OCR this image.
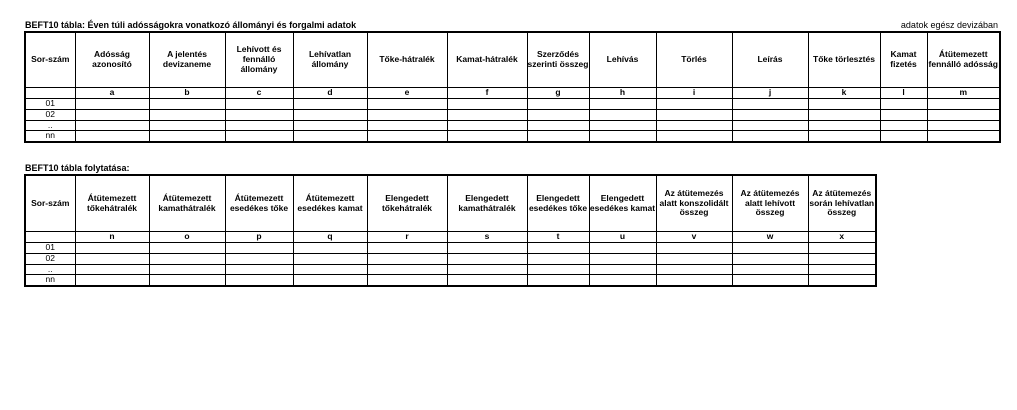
BEFT10 tábla: Éven túli adósságokra vonatkozó állományi és forgalmi adatok	adatok egész devizában
Sor-szám	Adósság azonosító	A jelentés devizaneme	Lehívott és fennálló állomány	Lehívatlan állomány	Tőke-hátralék	Kamat-hátralék	Szerződés szerinti összeg	Lehívás	Törlés	Leírás	Tőke törlesztés	Kamat fizetés	Átütemezett fennálló adósság
	a	b	c	d	e	f	g	h	i	j	k	l	m
01													
02													
..													
nn													
BEFT10 tábla folytatása:
Sor-szám	Átütemezett tőkehátralék	Átütemezett kamathátralék	Átütemezett esedékes tőke	Átütemezett esedékes kamat	Elengedett tőkehátralék	Elengedett kamathátralék	Elengedett esedékes tőke	Elengedett esedékes kamat	Az átütemezés alatt konszolidált összeg	Az átütemezés alatt lehívott összeg	Az átütemezés során lehívatlan összeg
	n	o	p	q	r	s	t	u	v	w	x
01											
02											
..											
nn											
